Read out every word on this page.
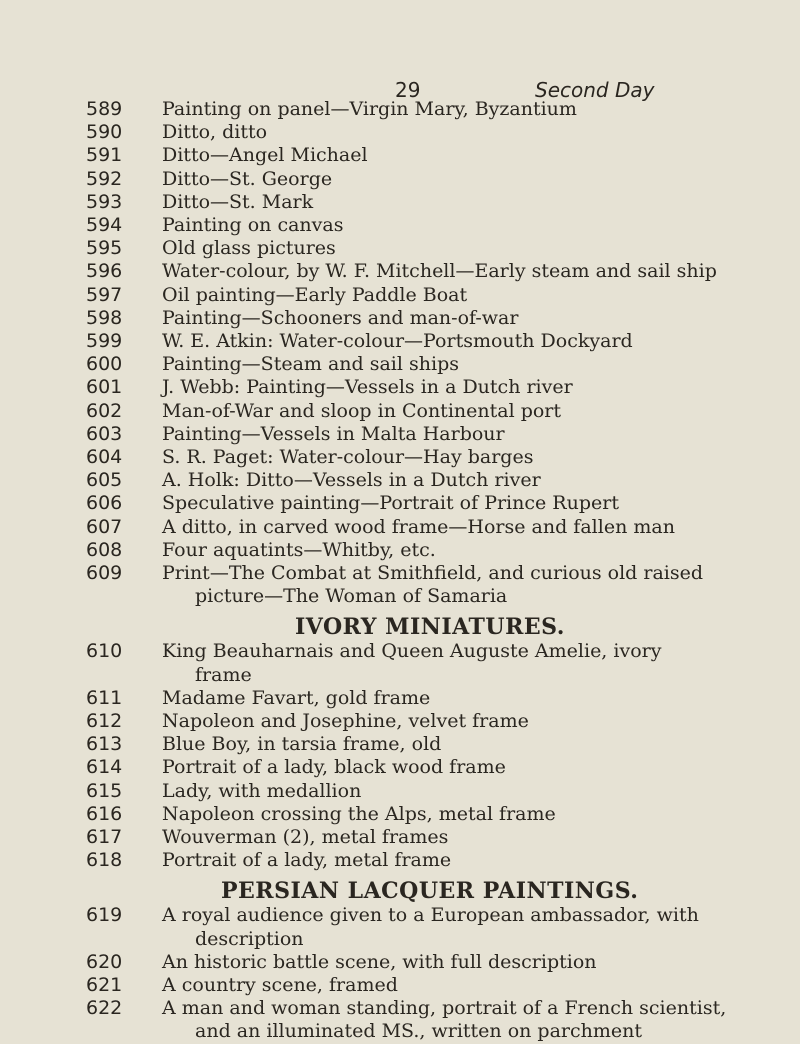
29	Second Day
589 Painting on panel—Virgin Mary, Byzantium
590 Ditto, ditto
591 Ditto—Angel Michael
592 Ditto—St. George
593 Ditto—St. Mark
594 Painting on canvas
595 Old glass pictures
596 Water-colour, by W. F. Mitchell—Early steam and sail ship
597 Oil painting—Early Paddle Boat
598 Painting—Schooners and man-of-war
599 W. E. Atkin: Water-colour—Portsmouth Dockyard
600 Painting—Steam and sail ships
601 J. Webb: Painting—Vessels in a Dutch river
602 Man-of-War and sloop in Continental port
603 Painting—Vessels in Malta Harbour
604 S. R. Paget: Water-colour—Hay barges
605 A. Holk: Ditto—Vessels in a Dutch river
606 Speculative painting—Portrait of Prince Rupert
607 A ditto, in carved wood frame—Horse and fallen man
608 Four aquatints—Whitby, etc.
609 Print—The Combat at Smithfield, and curious old raised
picture—The Woman of Samaria
IVORY MINIATURES.
610 King Beauharnais and Queen Auguste Amelie, ivory
frame
611 Madame Favart, gold frame
612 Napoleon and Josephine, velvet frame
613 Blue Boy, in tarsia frame, old
614 Portrait of a lady, black wood frame
615 Lady, with medallion
616 Napoleon crossing the Alps, metal frame
617 Wouverman (2), metal frames
618 Portrait of a lady, metal frame
PERSIAN LACQUER PAINTINGS.
619 A royal audience given to a European ambassador, with
description
620 An historic battle scene, with full description
621 A country scene, framed
622 A man and woman standing, portrait of a French scientist,
and an illuminated MS., written on parchment
